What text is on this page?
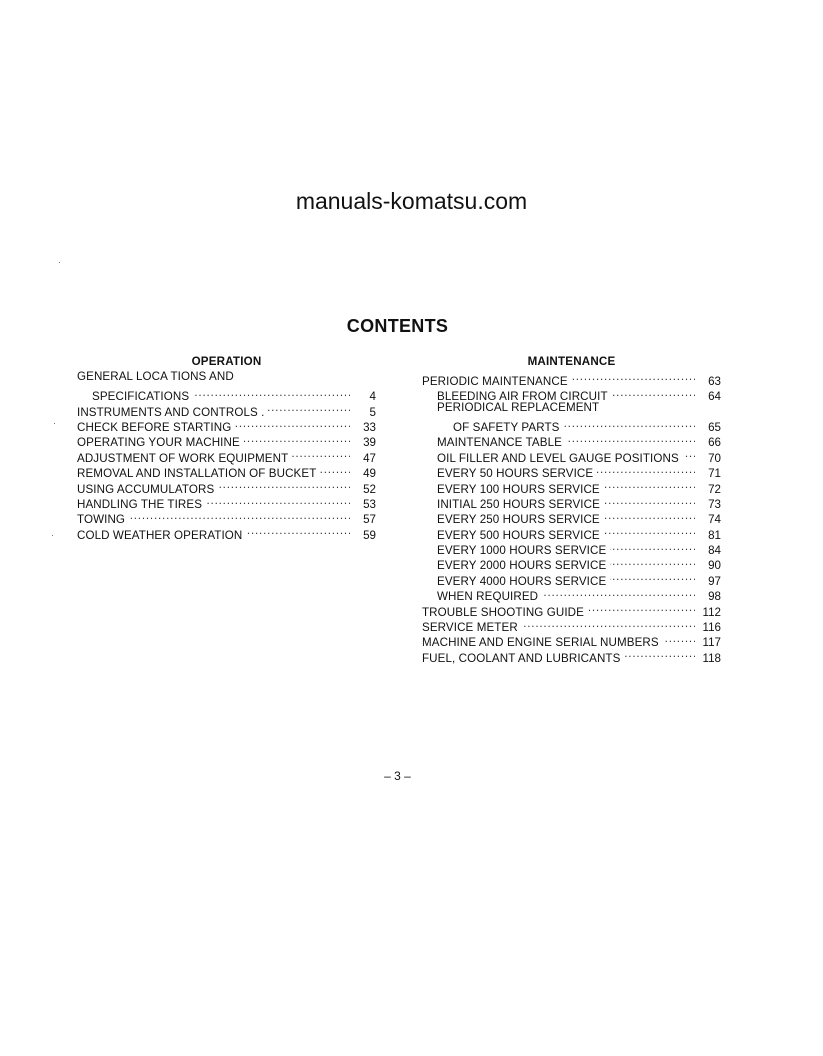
manuals-komatsu.com
CONTENTS
OPERATION
GENERAL LOCA TIONS AND
SPECIFICATIONS . . .	4
INSTRUMENTS AND CONTROLS . . . .	5
CHECK BEFORE STARTING . . .	33
OPERATING YOUR MACHINE . . .	39
ADJUSTMENT OF WORK EQUIPMENT . . .	47
REMOVAL AND INSTALLATION OF BUCKET . . .	49
USING ACCUMULATORS . . .	52
HANDLING THE TIRES . . .	53
TOWING . . .	57
COLD WEATHER OPERATION . . .	59
MAINTENANCE
PERIODIC MAINTENANCE . . .	63
BLEEDING AIR FROM CIRCUIT . . .	64
PERIODICAL REPLACEMENT
OF SAFETY PARTS . . .	65
MAINTENANCE TABLE . . .	66
OIL FILLER AND LEVEL GAUGE POSITIONS . . .	70
EVERY 50 HOURS SERVICE . . .	71
EVERY 100 HOURS SERVICE . . .	72
INITIAL 250 HOURS SERVICE . . .	73
EVERY 250 HOURS SERVICE . . .	74
EVERY 500 HOURS SERVICE . . .	81
EVERY 1000 HOURS SERVICE . . .	84
EVERY 2000 HOURS SERVICE . . .	90
EVERY 4000 HOURS SERVICE . . .	97
WHEN REQUIRED . . .	98
TROUBLE SHOOTING GUIDE . . .	112
SERVICE METER . . .	116
MACHINE AND ENGINE SERIAL NUMBERS . . .	117
FUEL, COOLANT AND LUBRICANTS . . .	118
– 3 –
